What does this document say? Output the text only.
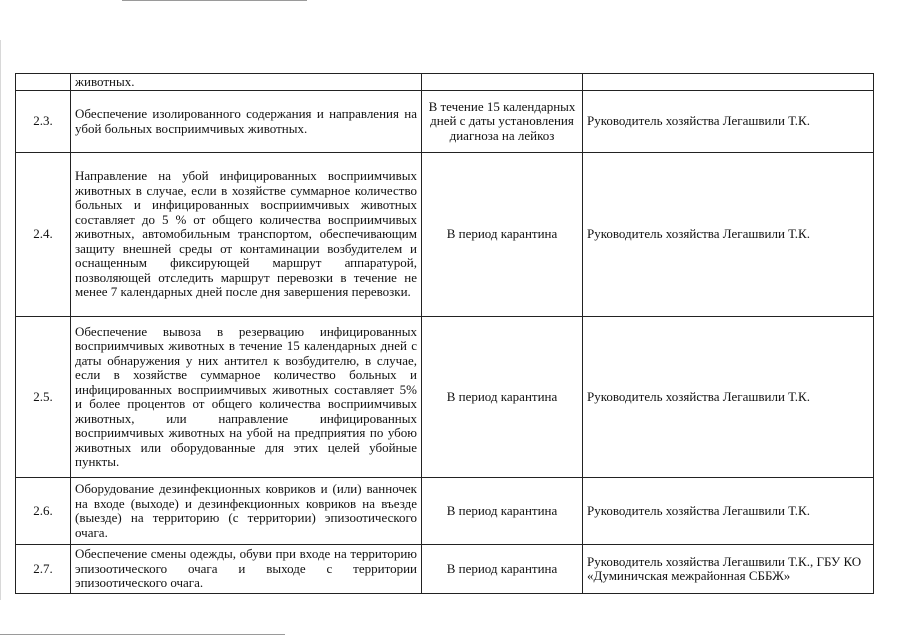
	животных.		
2.3.	Обеспечение изолированного содержания и направления на убой больных восприимчивых животных.	В течение 15 календарных дней с даты установления диагноза на лейкоз	Руководитель хозяйства Легашвили Т.К.
2.4.	Направление на убой инфицированных восприимчивых животных в случае, если в хозяйстве суммарное количество больных и инфицированных восприимчивых животных составляет до 5 % от общего количества восприимчивых животных, автомобильным транспортом, обеспечивающим защиту внешней среды от контаминации возбудителем и оснащенным фиксирующей маршрут аппаратурой, позволяющей отследить маршрут перевозки в течение не менее 7 календарных дней после дня завершения перевозки.	В период карантина	Руководитель хозяйства Легашвили Т.К.
2.5.	Обеспечение вывоза в резервацию инфицированных восприимчивых животных в течение 15 календарных дней с даты обнаружения у них антител к возбудителю, в случае, если в хозяйстве суммарное количество больных и инфицированных восприимчивых животных составляет 5% и более процентов от общего количества восприимчивых животных, или направление инфицированных восприимчивых животных на убой на предприятия по убою животных или оборудованные для этих целей убойные пункты.	В период карантина	Руководитель хозяйства Легашвили Т.К.
2.6.	Оборудование дезинфекционных ковриков и (или) ванночек на входе (выходе) и дезинфекционных ковриков на въезде (выезде) на территорию (с территории) эпизоотического очага.	В период карантина	Руководитель хозяйства Легашвили Т.К.
2.7.	Обеспечение смены одежды, обуви при входе на территорию эпизоотического очага и выходе с территории эпизоотического очага.	В период карантина	Руководитель хозяйства Легашвили Т.К., ГБУ КО «Думиничская межрайонная СББЖ»
